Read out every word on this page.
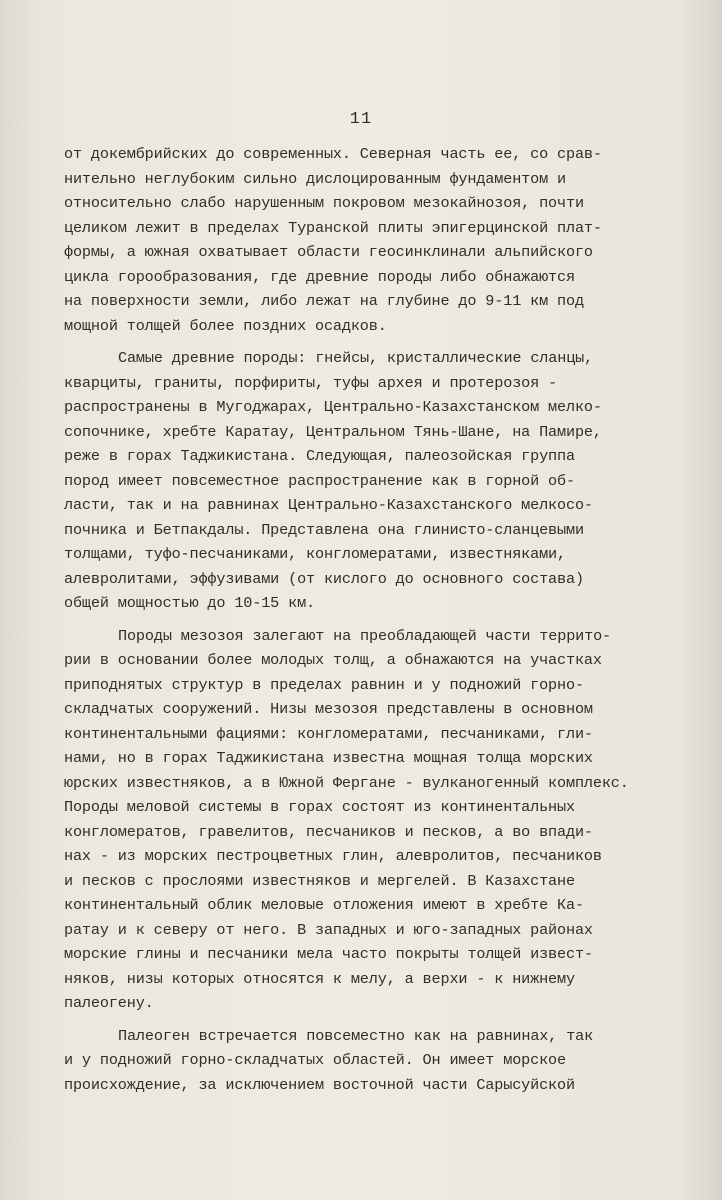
11
от докембрийских до современных. Северная часть ее, со срав-
нительно неглубоким сильно дислоцированным фундаментом и
относительно слабо нарушенным покровом мезокайнозоя, почти
целиком лежит в пределах Туранской плиты эпигерцинской плат-
формы, а южная охватывает области геосинклинали альпийского
цикла горообразования, где древние породы либо обнажаются
на поверхности земли, либо лежат на глубине до 9-11 км под
мощной толщей более поздних осадков.
Самые древние породы: гнейсы, кристаллические сланцы,
кварциты, граниты, порфириты, туфы архея и протерозоя -
распространены в Мугоджарах, Центрально-Казахстанском мелко-
сопочнике, хребте Каратау, Центральном Тянь-Шане, на Памире,
реже в горах Таджикистана. Следующая, палеозойская группа
пород имеет повсеместное распространение как в горной об-
ласти, так и на равнинах Центрально-Казахстанского мелкосо-
почника и Бетпакдалы. Представлена она глинисто-сланцевыми
толщами, туфо-песчаниками, конгломератами, известняками,
алевролитами, эффузивами (от кислого до основного состава)
общей мощностью до 10-15 км.
Породы мезозоя залегают на преобладающей части террито-
рии в основании более молодых толщ, а обнажаются на участках
приподнятых структур в пределах равнин и у подножий горно-
складчатых сооружений. Низы мезозоя представлены в основном
континентальными фациями: конгломератами, песчаниками, гли-
нами, но в горах Таджикистана известна мощная толща морских
юрских известняков, а в Южной Фергане - вулканогенный комплекс.
Породы меловой системы в горах состоят из континентальных
конгломератов, гравелитов, песчаников и песков, а во впади-
нах - из морских пестроцветных глин, алевролитов, песчаников
и песков с прослоями известняков и мергелей. В Казахстане
континентальный облик меловые отложения имеют в хребте Ка-
ратау и к северу от него. В западных и юго-западных районах
морские глины и песчаники мела часто покрыты толщей извест-
няков, низы которых относятся к мелу, а верхи - к нижнему
палеогену.
Палеоген встречается повсеместно как на равнинах, так
и у подножий горно-складчатых областей. Он имеет морское
происхождение, за исключением восточной части Сарысуйской
